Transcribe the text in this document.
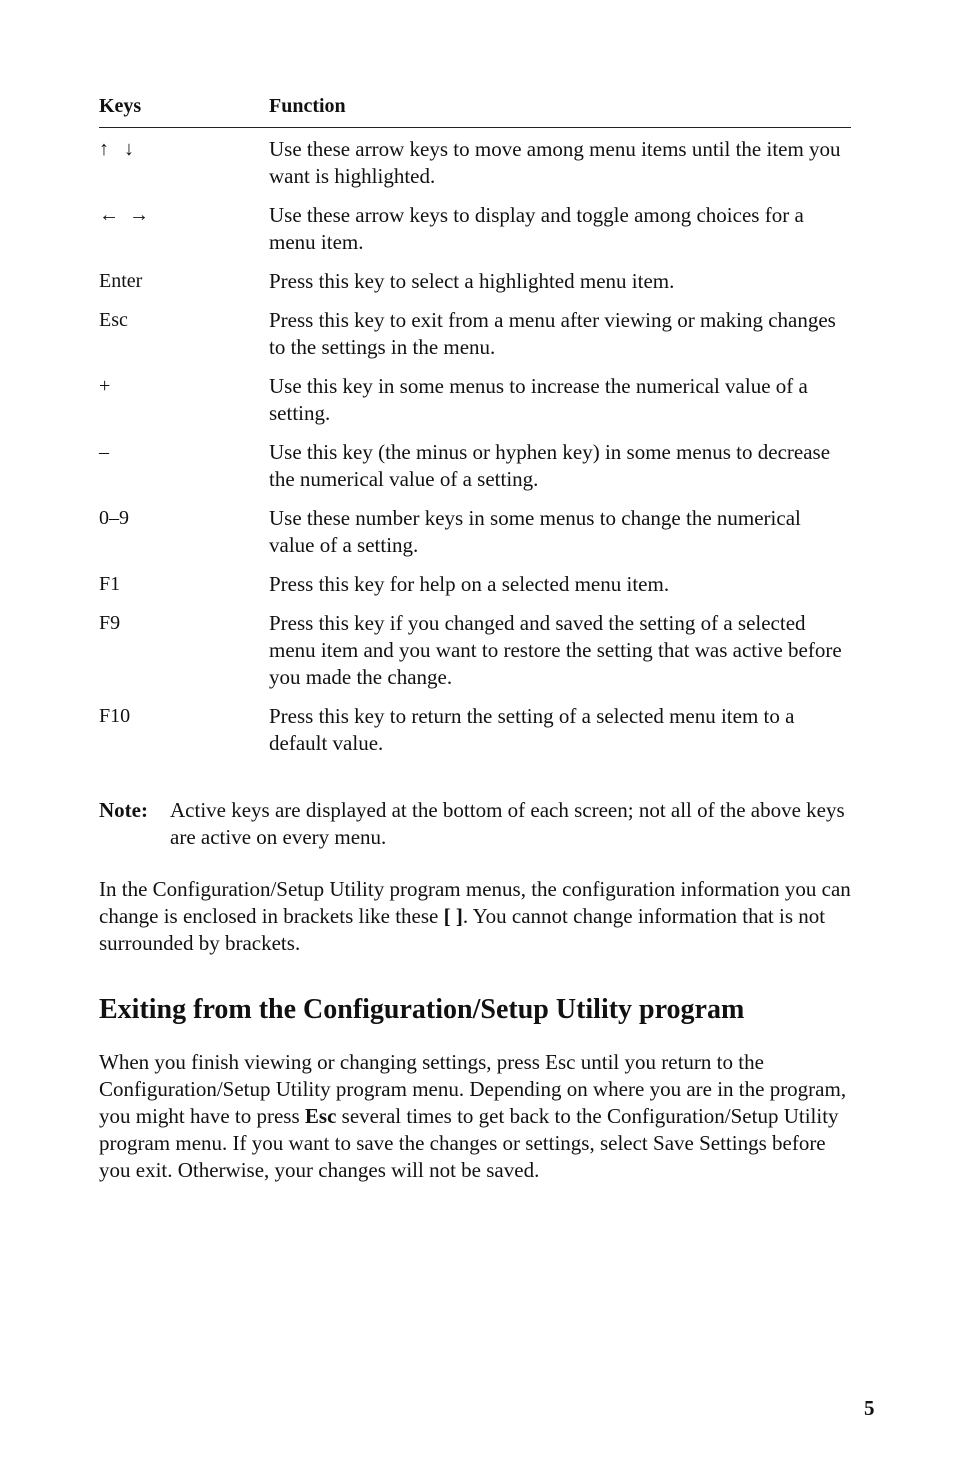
Keys	Function
↑   ↓	Use these arrow keys to move among menu items until the item you want is highlighted.
←  →	Use these arrow keys to display and toggle among choices for a menu item.
Enter	Press this key to select a highlighted menu item.
Esc	Press this key to exit from a menu after viewing or making changes to the settings in the menu.
+	Use this key in some menus to increase the numerical value of a setting.
–	Use this key (the minus or hyphen key) in some menus to decrease the numerical value of a setting.
0–9	Use these number keys in some menus to change the numerical value of a setting.
F1	Press this key for help on a selected menu item.
F9	Press this key if you changed and saved the setting of a selected menu item and you want to restore the setting that was active before you made the change.
F10	Press this key to return the setting of a selected menu item to a default value.
Note:	Active keys are displayed at the bottom of each screen; not all of the above keys are active on every menu.

In the Configuration/Setup Utility program menus, the configuration information you can change is enclosed in brackets like these [ ]. You cannot change information that is not surrounded by brackets.

Exiting from the Configuration/Setup Utility program

When you finish viewing or changing settings, press Esc until you return to the Configuration/Setup Utility program menu. Depending on where you are in the program, you might have to press Esc several times to get back to the Configuration/Setup Utility program menu. If you want to save the changes or settings, select Save Settings before you exit. Otherwise, your changes will not be saved.

5
